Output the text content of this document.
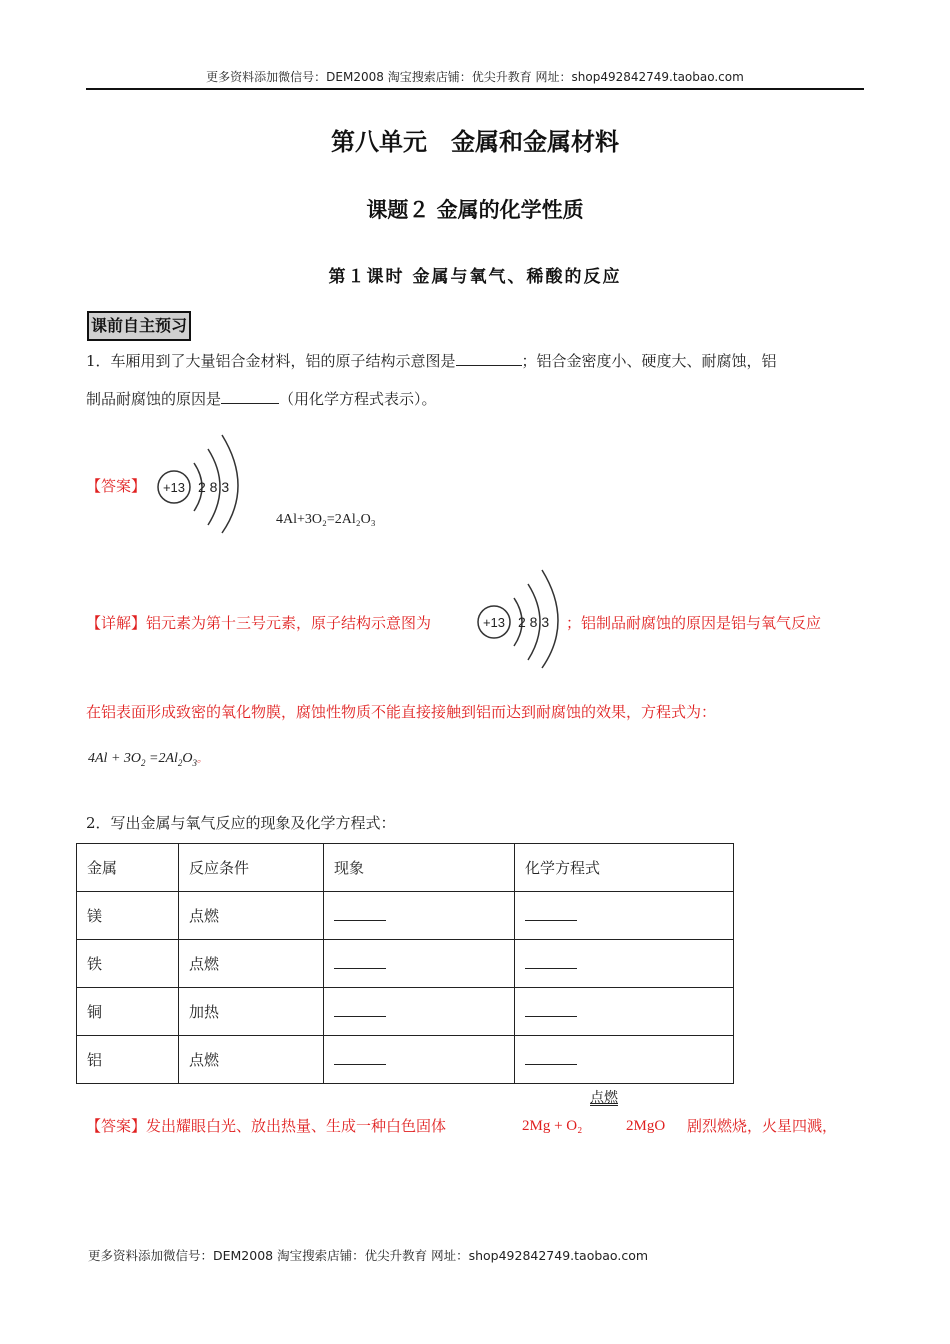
更多资料添加微信号：DEM2008 淘宝搜索店铺：优尖升教育 网址：shop492842749.taobao.com
第八单元　金属和金属材料
课题２ 金属的化学性质
第１课时 金属与氧气、稀酸的反应
课前自主预习
1．车厢用到了大量铝合金材料，铝的原子结构示意图是	；铝合金密度小、硬度大、耐腐蚀，铝
制品耐腐蚀的原因是	（用化学方程式表示）。
【答案】 +13 2 8 3
4Al+3O₂=2Al₂O₃
【详解】铝元素为第十三号元素，原子结构示意图为	+13 2 8 3 ；铝制品耐腐蚀的原因是铝与氧气反应
在铝表面形成致密的氧化物膜，腐蚀性物质不能直接接触到铝而达到耐腐蚀的效果，方程式为：
$4Al + 3O_2 =2Al_2O_3$。
2．写出金属与氧气反应的现象及化学方程式：
金属	反应条件	现象	化学方程式
镁	点燃		
铁	点燃		
铜	加热		
铝	点燃		
点燃
【答案】发出耀眼白光、放出热量、生成一种白色固体	2Mg + O₂	2MgO 剧烈燃烧，火星四溅，
更多资料添加微信号：DEM2008 淘宝搜索店铺：优尖升教育 网址：shop492842749.taobao.com
